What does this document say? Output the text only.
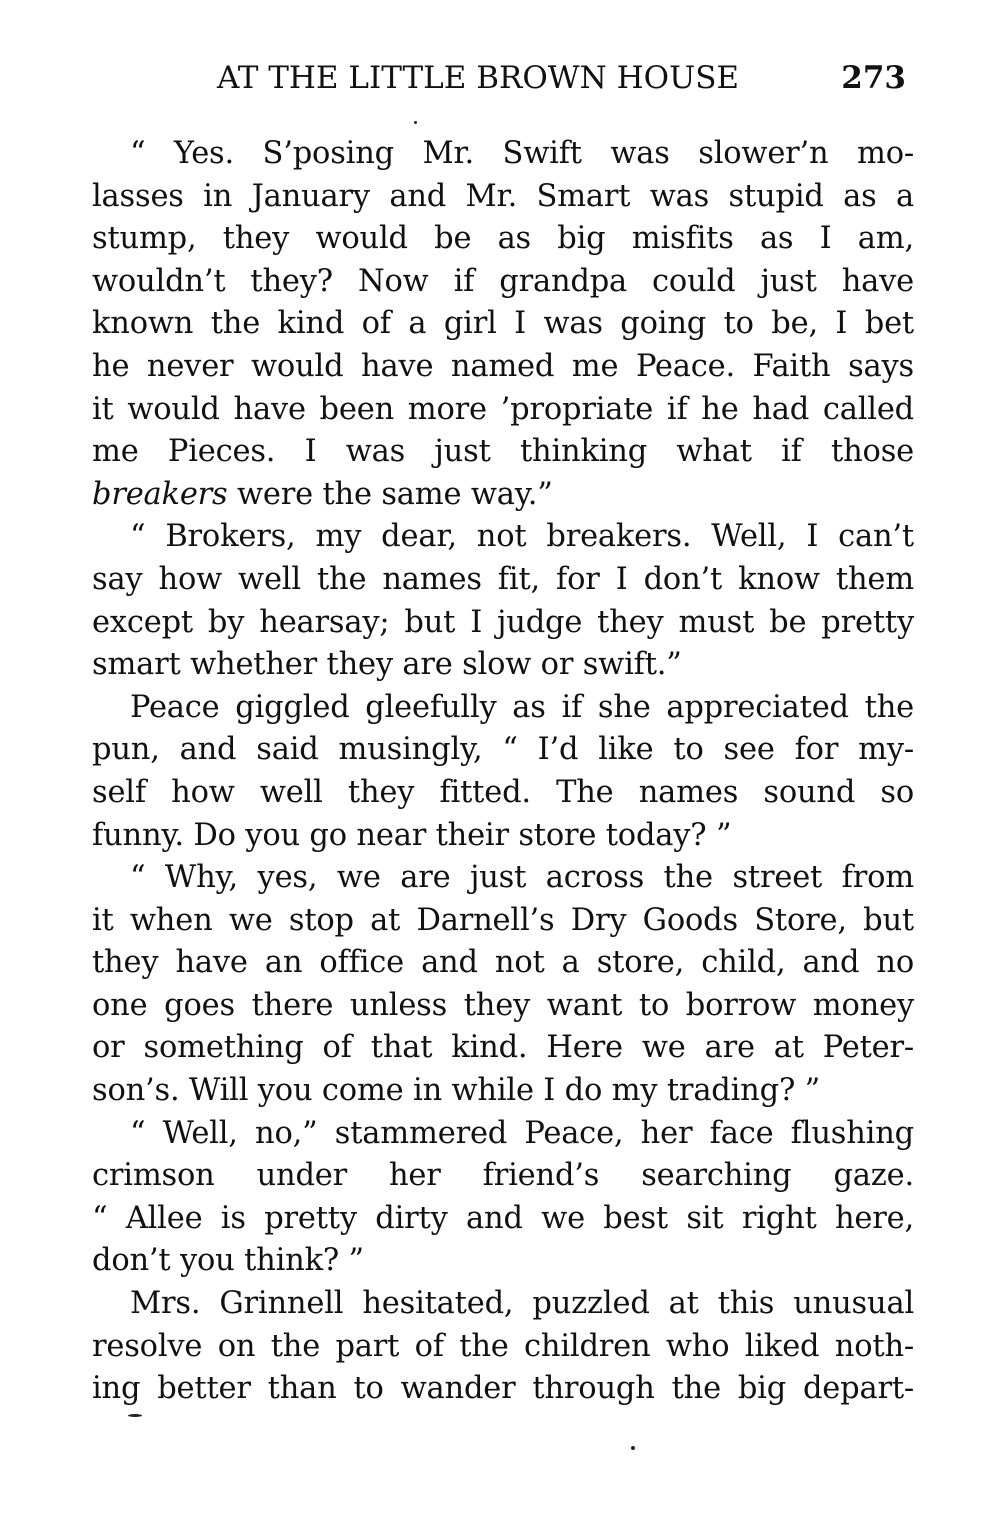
AT THE LITTLE BROWN HOUSE	273
“ Yes. S’posing Mr. Swift was slower’n mo-
lasses in January and Mr. Smart was stupid as a
stump, they would be as big misfits as I am,
wouldn’t they? Now if grandpa could just have
known the kind of a girl I was going to be, I bet
he never would have named me Peace. Faith says
it would have been more ’propriate if he had called
me Pieces. I was just thinking what if those
breakers were the same way.”
“ Brokers, my dear, not breakers. Well, I can’t
say how well the names fit, for I don’t know them
except by hearsay; but I judge they must be pretty
smart whether they are slow or swift.”
Peace giggled gleefully as if she appreciated the
pun, and said musingly, “ I’d like to see for my-
self how well they fitted. The names sound so
funny. Do you go near their store today? ”
“ Why, yes, we are just across the street from
it when we stop at Darnell’s Dry Goods Store, but
they have an office and not a store, child, and no
one goes there unless they want to borrow money
or something of that kind. Here we are at Peter-
son’s. Will you come in while I do my trading? ”
“ Well, no,” stammered Peace, her face flushing
crimson under her friend’s searching gaze.
“ Allee is pretty dirty and we best sit right here,
don’t you think? ”
Mrs. Grinnell hesitated, puzzled at this unusual
resolve on the part of the children who liked noth-
ing better than to wander through the big depart-
